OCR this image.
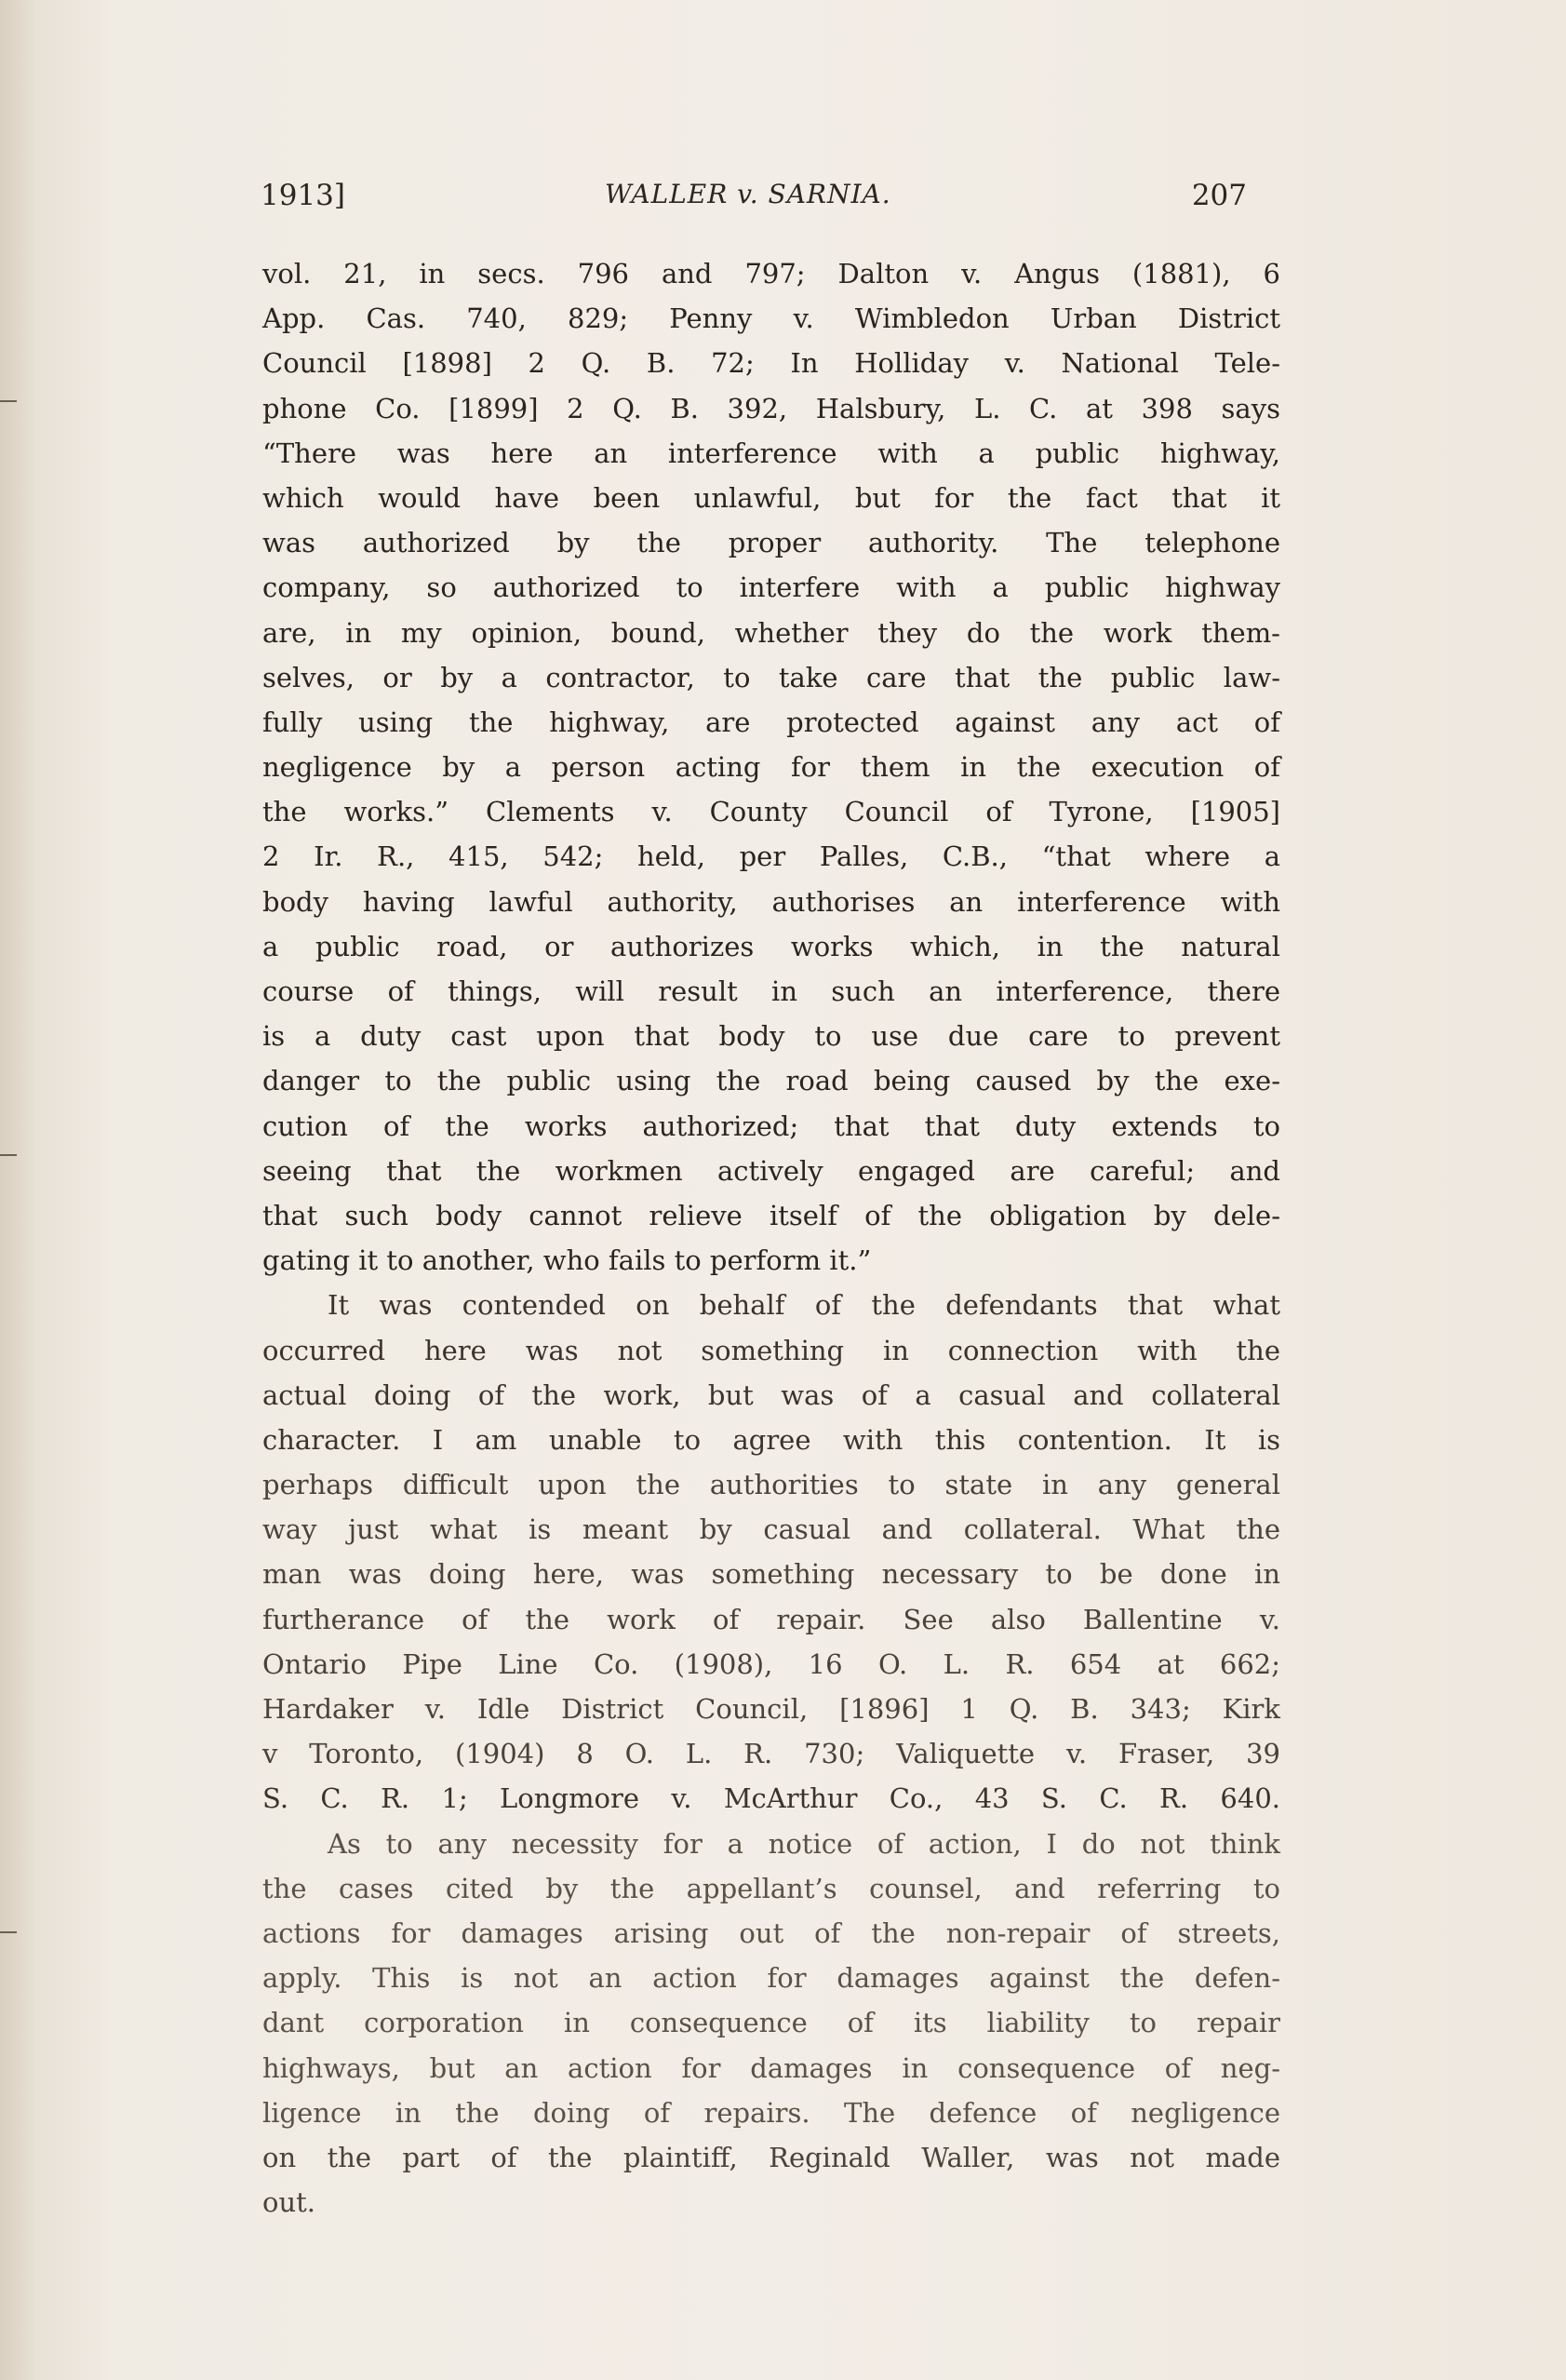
1913]	WALLER v. SARNIA.	207
vol. 21, in secs. 796 and 797; Dalton v. Angus (1881), 6
App. Cas. 740, 829; Penny v. Wimbledon Urban District
Council [1898] 2 Q. B. 72; In Holliday v. National Tele-
phone Co. [1899] 2 Q. B. 392, Halsbury, L. C. at 398 says
“There was here an interference with a public highway,
which would have been unlawful, but for the fact that it
was authorized by the proper authority. The telephone
company, so authorized to interfere with a public highway
are, in my opinion, bound, whether they do the work them-
selves, or by a contractor, to take care that the public law-
fully using the highway, are protected against any act of
negligence by a person acting for them in the execution of
the works.” Clements v. County Council of Tyrone, [1905]
2 Ir. R., 415, 542; held, per Palles, C.B., “that where a
body having lawful authority, authorises an interference with
a public road, or authorizes works which, in the natural
course of things, will result in such an interference, there
is a duty cast upon that body to use due care to prevent
danger to the public using the road being caused by the exe-
cution of the works authorized; that that duty extends to
seeing that the workmen actively engaged are careful; and
that such body cannot relieve itself of the obligation by dele-
gating it to another, who fails to perform it.”
It was contended on behalf of the defendants that what
occurred here was not something in connection with the
actual doing of the work, but was of a casual and collateral
character. I am unable to agree with this contention. It is
perhaps difficult upon the authorities to state in any general
way just what is meant by casual and collateral. What the
man was doing here, was something necessary to be done in
furtherance of the work of repair. See also Ballentine v.
Ontario Pipe Line Co. (1908), 16 O. L. R. 654 at 662;
Hardaker v. Idle District Council, [1896] 1 Q. B. 343; Kirk
v Toronto, (1904) 8 O. L. R. 730; Valiquette v. Fraser, 39
S. C. R. 1; Longmore v. McArthur Co., 43 S. C. R. 640.
As to any necessity for a notice of action, I do not think
the cases cited by the appellant’s counsel, and referring to
actions for damages arising out of the non-repair of streets,
apply. This is not an action for damages against the defen-
dant corporation in consequence of its liability to repair
highways, but an action for damages in consequence of neg-
ligence in the doing of repairs. The defence of negligence
on the part of the plaintiff, Reginald Waller, was not made
out.
